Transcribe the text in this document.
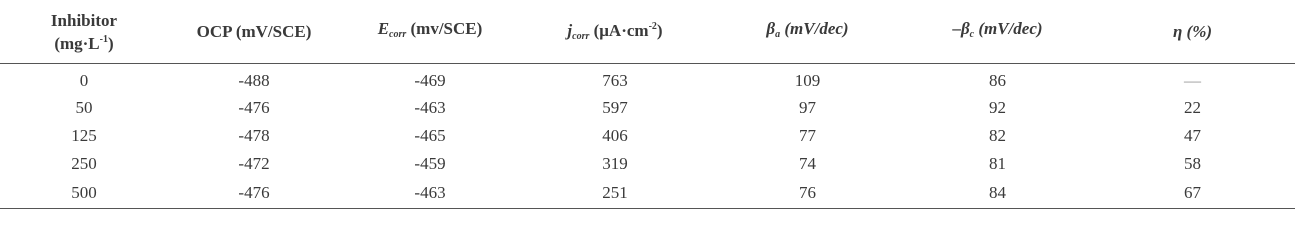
Inhibitor
$(mg\cdot L^{-1})$	OCP (mV/SCE)	$E_{corr}$ (mv/SCE)	$j_{corr}$ $(\mu A\cdot cm^{-2})$	$\beta_a$ (mV/dec)	$-\beta_c$ (mV/dec)	η (%)
0	-488	-469	763	109	86	—
50	-476	-463	597	97	92	22
125	-478	-465	406	77	82	47
250	-472	-459	319	74	81	58
500	-476	-463	251	76	84	67
